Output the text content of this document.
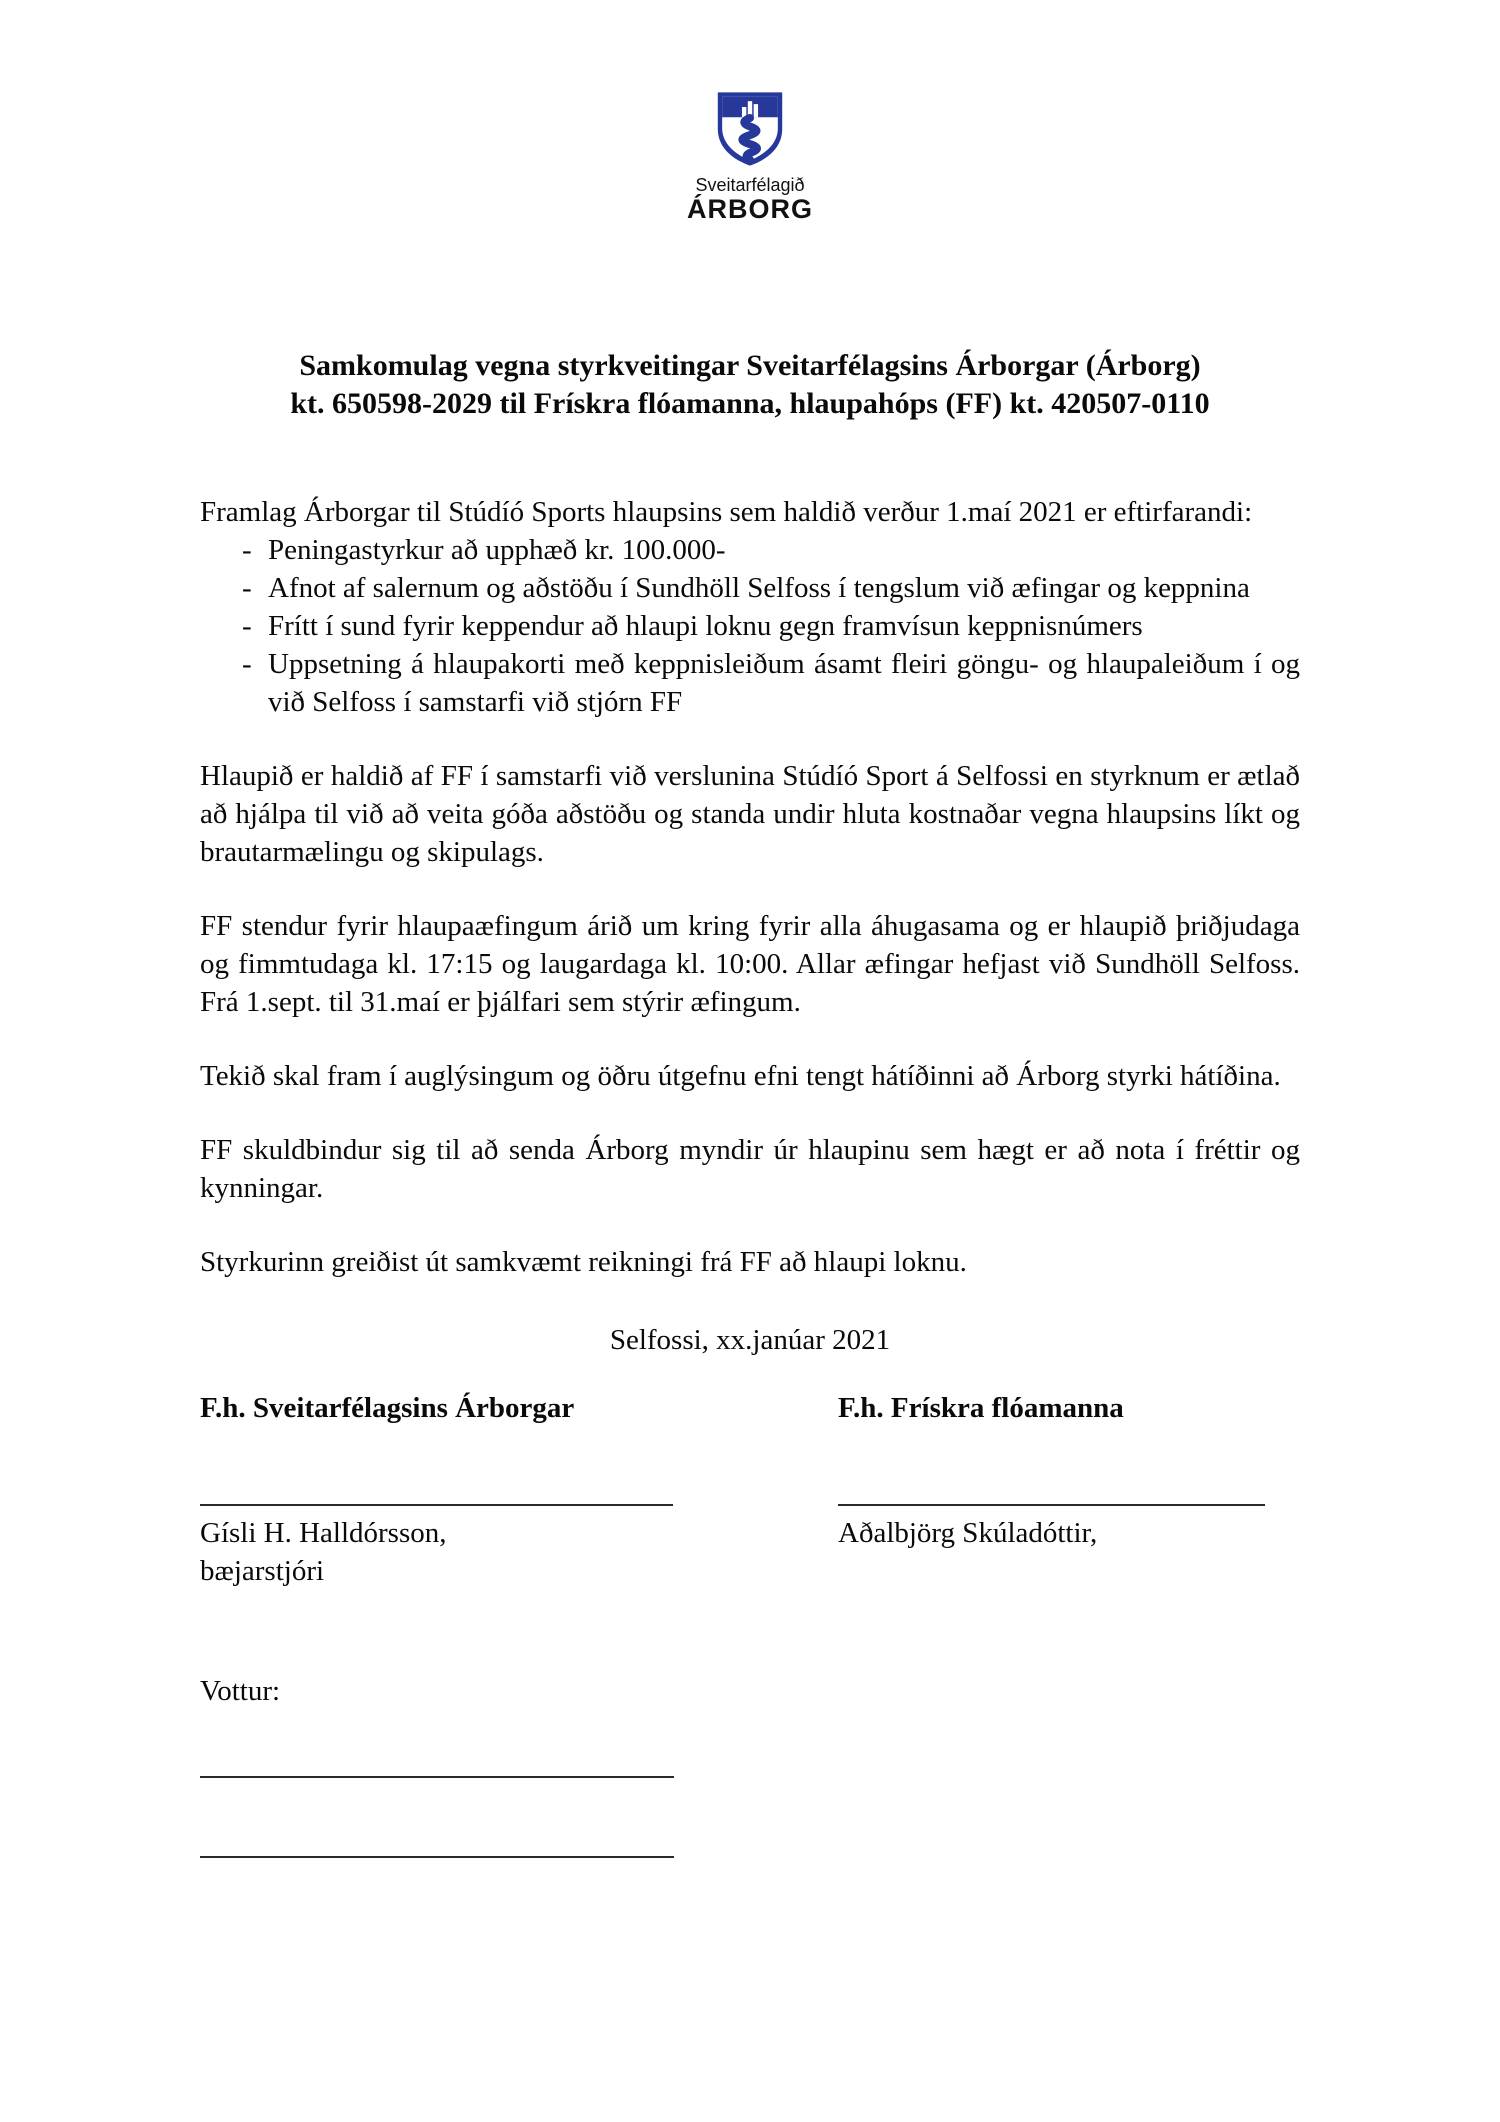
Sveitarfélagið
ÁRBORG
Samkomulag vegna styrkveitingar Sveitarfélagsins Árborgar (Árborg)
kt. 650598-2029 til Frískra flóamanna, hlaupahóps (FF) kt. 420507-0110
Framlag Árborgar til Stúdíó Sports hlaupsins sem haldið verður 1.maí 2021 er eftirfarandi:
- Peningastyrkur að upphæð kr. 100.000-
- Afnot af salernum og aðstöðu í Sundhöll Selfoss í tengslum við æfingar og keppnina
- Frítt í sund fyrir keppendur að hlaupi loknu gegn framvísun keppnisnúmers
- Uppsetning á hlaupakorti með keppnisleiðum ásamt fleiri göngu- og hlaupaleiðum í og við Selfoss í samstarfi við stjórn FF

Hlaupið er haldið af FF í samstarfi við verslunina Stúdíó Sport á Selfossi en styrknum er ætlað að hjálpa til við að veita góða aðstöðu og standa undir hluta kostnaðar vegna hlaupsins líkt og brautarmælingu og skipulags.

FF stendur fyrir hlaupaæfingum árið um kring fyrir alla áhugasama og er hlaupið þriðjudaga og fimmtudaga kl. 17:15 og laugardaga kl. 10:00. Allar æfingar hefjast við Sundhöll Selfoss. Frá 1.sept. til 31.maí er þjálfari sem stýrir æfingum.

Tekið skal fram í auglýsingum og öðru útgefnu efni tengt hátíðinni að Árborg styrki hátíðina.

FF skuldbindur sig til að senda Árborg myndir úr hlaupinu sem hægt er að nota í fréttir og kynningar.

Styrkurinn greiðist út samkvæmt reikningi frá FF að hlaupi loknu.

Selfossi, xx.janúar 2021
F.h. Sveitarfélagsins Árborgar
Gísli H. Halldórsson,
bæjarstjóri
F.h. Frískra flóamanna
Aðalbjörg Skúladóttir,
Vottur:
